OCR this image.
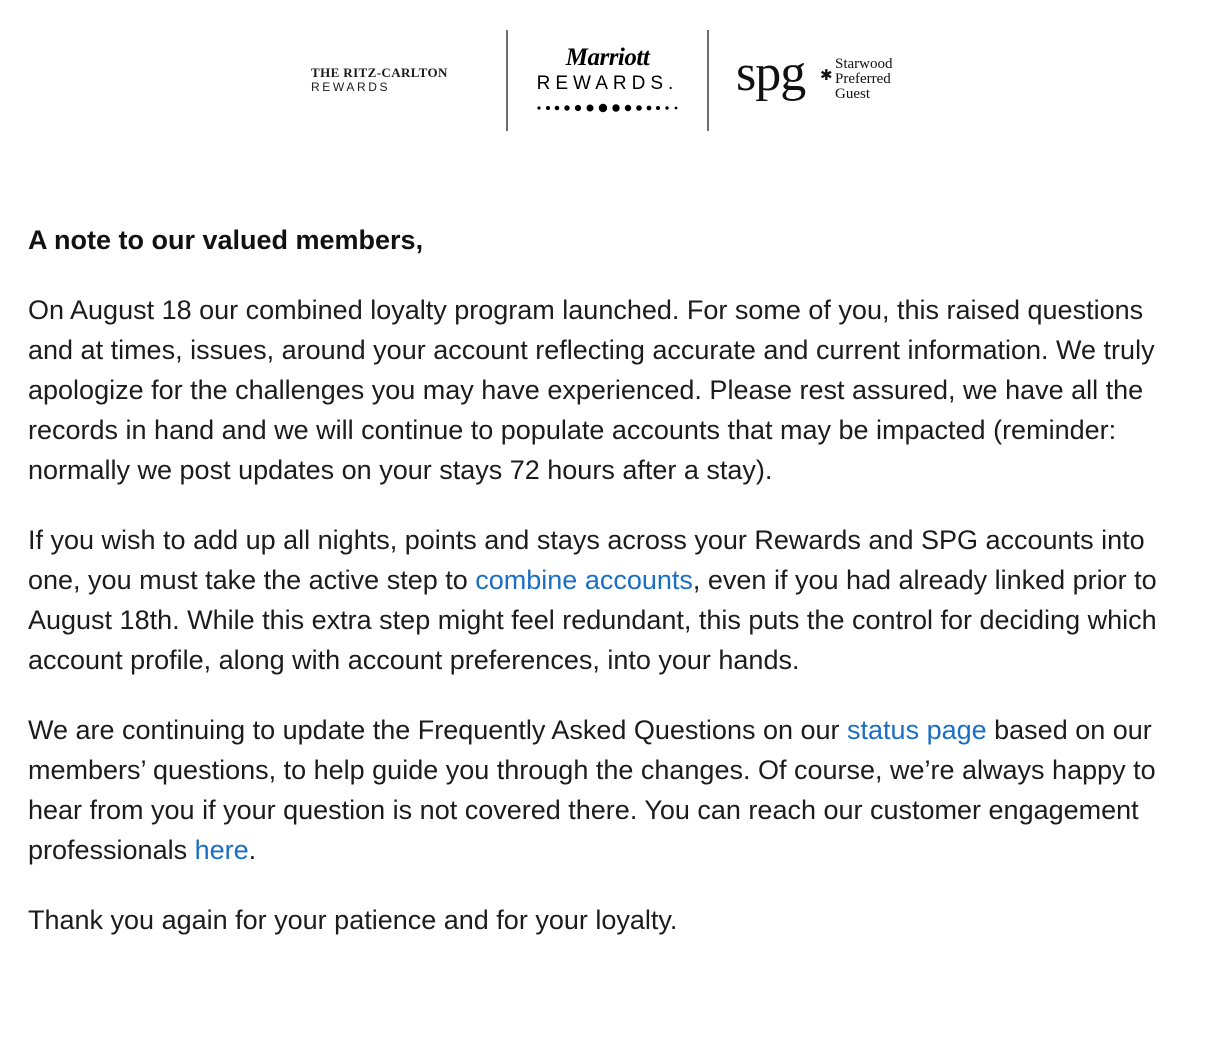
THE RITZ-CARLTON
REWARDS
Marriott
REWARDS. spg ✱
Starwood
Preferred
Guest

A note to our valued members,

On August 18 our combined loyalty program launched. For some of you, this raised questions and at times, issues, around your account reflecting accurate and current information. We truly apologize for the challenges you may have experienced. Please rest assured, we have all the records in hand and we will continue to populate accounts that may be impacted (reminder: normally we post updates on your stays 72 hours after a stay).

If you wish to add up all nights, points and stays across your Rewards and SPG accounts into one, you must take the active step to combine accounts, even if you had already linked prior to August 18th. While this extra step might feel redundant, this puts the control for deciding which account profile, along with account preferences, into your hands.

We are continuing to update the Frequently Asked Questions on our status page based on our members’ questions, to help guide you through the changes. Of course, we’re always happy to hear from you if your question is not covered there. You can reach our customer engagement professionals here.

Thank you again for your patience and for your loyalty.
